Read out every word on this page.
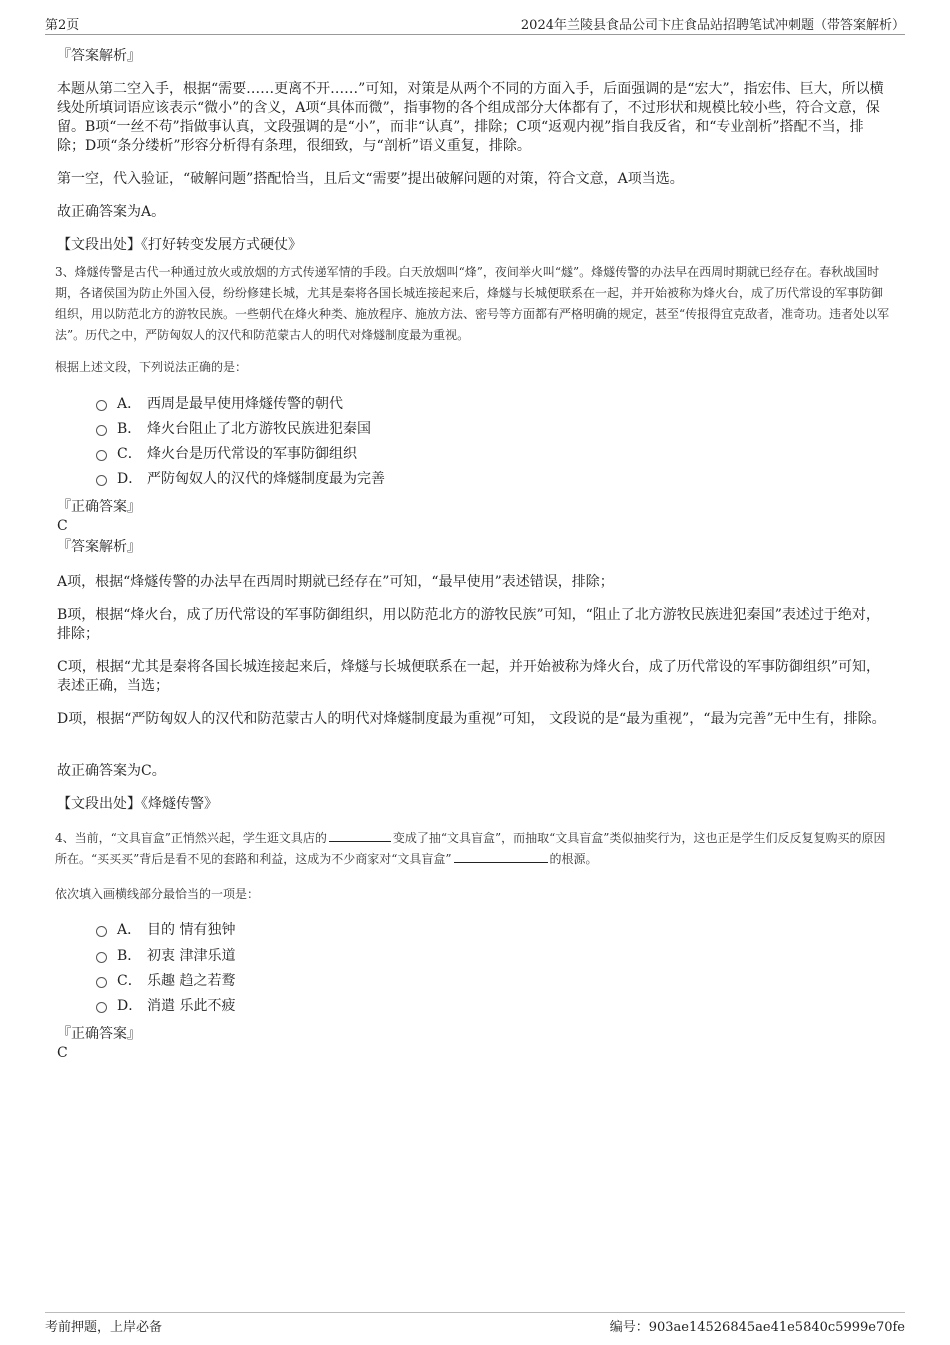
第2页	2024年兰陵县食品公司卞庄食品站招聘笔试冲刺题（带答案解析）
『答案解析』
本题从第二空入手，根据“需要……更离不开……”可知，对策是从两个不同的方面入手，后面强调的是“宏大”，指宏伟、巨大，所以横线处所填词语应该表示“微小”的含义，A项“具体而微”，指事物的各个组成部分大体都有了，不过形状和规模比较小些，符合文意，保留。B项“一丝不苟”指做事认真，文段强调的是“小”，而非“认真”，排除；C项“返观内视”指自我反省，和“专业剖析”搭配不当，排除；D项“条分缕析”形容分析得有条理，很细致，与“剖析”语义重复，排除。
第一空，代入验证，“破解问题”搭配恰当，且后文“需要”提出破解问题的对策，符合文意，A项当选。
故正确答案为A。
【文段出处】《打好转变发展方式硬仗》
3、烽燧传警是古代一种通过放火或放烟的方式传递军情的手段。白天放烟叫“烽”，夜间举火叫“燧”。烽燧传警的办法早在西周时期就已经存在。春秋战国时期，各诸侯国为防止外国入侵，纷纷修建长城，尤其是秦将各国长城连接起来后，烽燧与长城便联系在一起，并开始被称为烽火台，成了历代常设的军事防御组织，用以防范北方的游牧民族。一些朝代在烽火种类、施放程序、施放方法、密号等方面都有严格明确的规定，甚至“传报得宜克敌者，准奇功。违者处以军法”。历代之中，严防匈奴人的汉代和防范蒙古人的明代对烽燧制度最为重视。
根据上述文段，下列说法正确的是：
A． 西周是最早使用烽燧传警的朝代
B． 烽火台阻止了北方游牧民族进犯秦国
C． 烽火台是历代常设的军事防御组织
D． 严防匈奴人的汉代的烽燧制度最为完善
『正确答案』
C
『答案解析』
A项，根据“烽燧传警的办法早在西周时期就已经存在”可知，“最早使用”表述错误，排除；
B项，根据“烽火台，成了历代常设的军事防御组织，用以防范北方的游牧民族”可知，“阻止了北方游牧民族进犯秦国”表述过于绝对，排除；
C项，根据“尤其是秦将各国长城连接起来后，烽燧与长城便联系在一起，并开始被称为烽火台，成了历代常设的军事防御组织”可知，表述正确，当选；
D项，根据“严防匈奴人的汉代和防范蒙古人的明代对烽燧制度最为重视”可知， 文段说的是“最为重视”，“最为完善”无中生有，排除。
故正确答案为C。
【文段出处】《烽燧传警》
4、当前，“文具盲盒”正悄然兴起，学生逛文具店的	变成了抽“文具盲盒”，而抽取“文具盲盒”类似抽奖行为，这也正是学生们反反复复购买的原因所在。“买买买”背后是看不见的套路和利益，这成为不少商家对“文具盲盒”	的根源。
依次填入画横线部分最恰当的一项是：
A． 目的 情有独钟
B． 初衷 津津乐道
C． 乐趣 趋之若鹜
D． 消遣 乐此不疲
『正确答案』
C
考前押题，上岸必备	编号：903ae14526845ae41e5840c5999e70fe
